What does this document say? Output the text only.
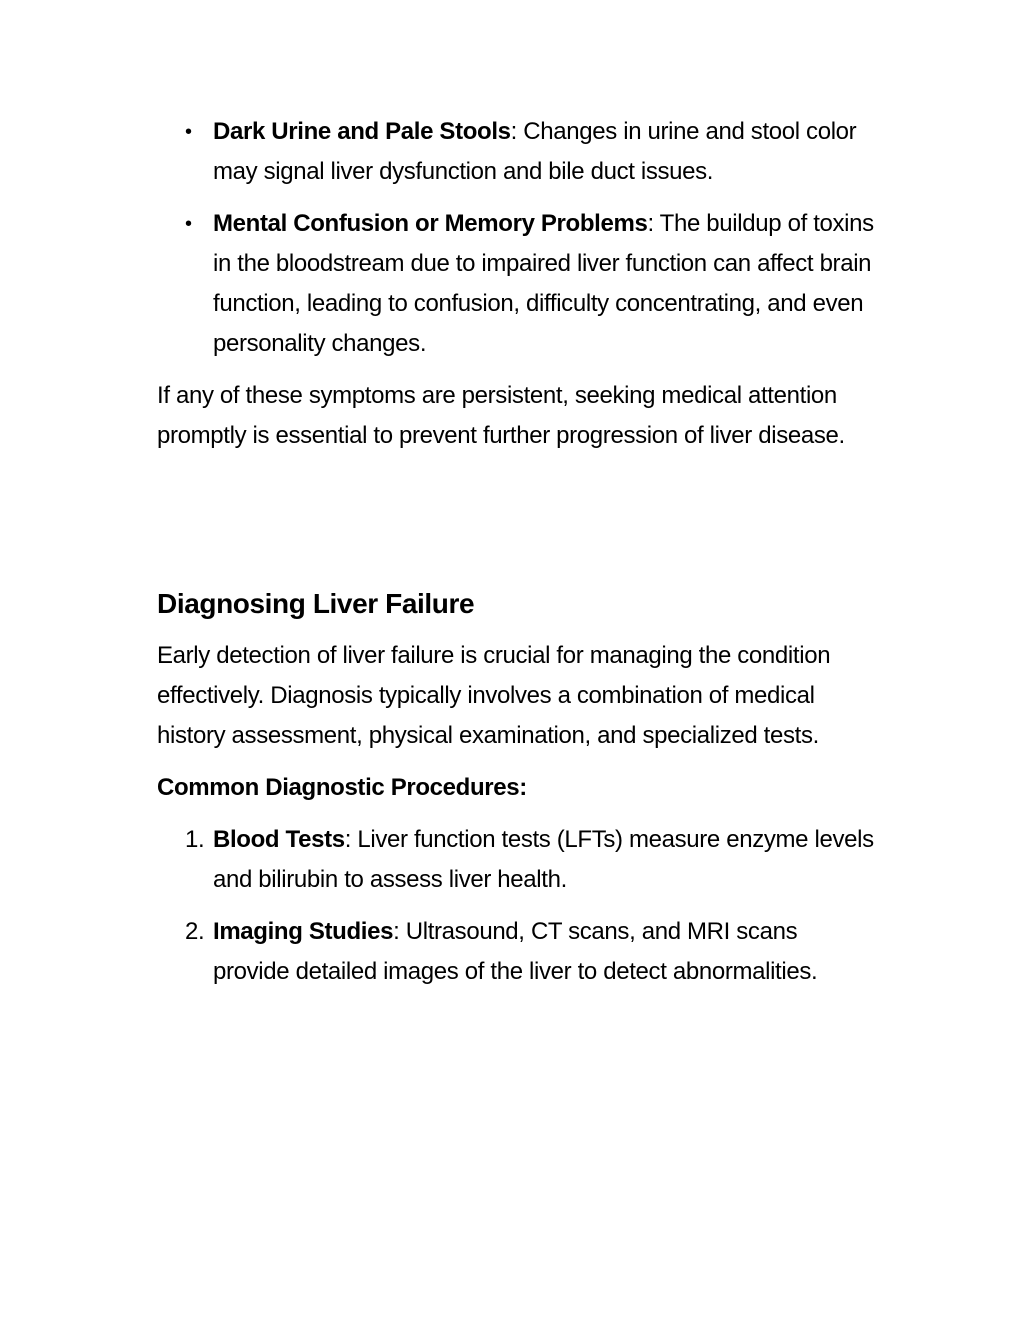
• Dark Urine and Pale Stools: Changes in urine and stool color may signal liver dysfunction and bile duct issues.
• Mental Confusion or Memory Problems: The buildup of toxins in the bloodstream due to impaired liver function can affect brain function, leading to confusion, difficulty concentrating, and even personality changes.

If any of these symptoms are persistent, seeking medical attention promptly is essential to prevent further progression of liver disease.

Diagnosing Liver Failure

Early detection of liver failure is crucial for managing the condition effectively. Diagnosis typically involves a combination of medical history assessment, physical examination, and specialized tests.

Common Diagnostic Procedures:
1. Blood Tests: Liver function tests (LFTs) measure enzyme levels and bilirubin to assess liver health.
2. Imaging Studies: Ultrasound, CT scans, and MRI scans provide detailed images of the liver to detect abnormalities.
